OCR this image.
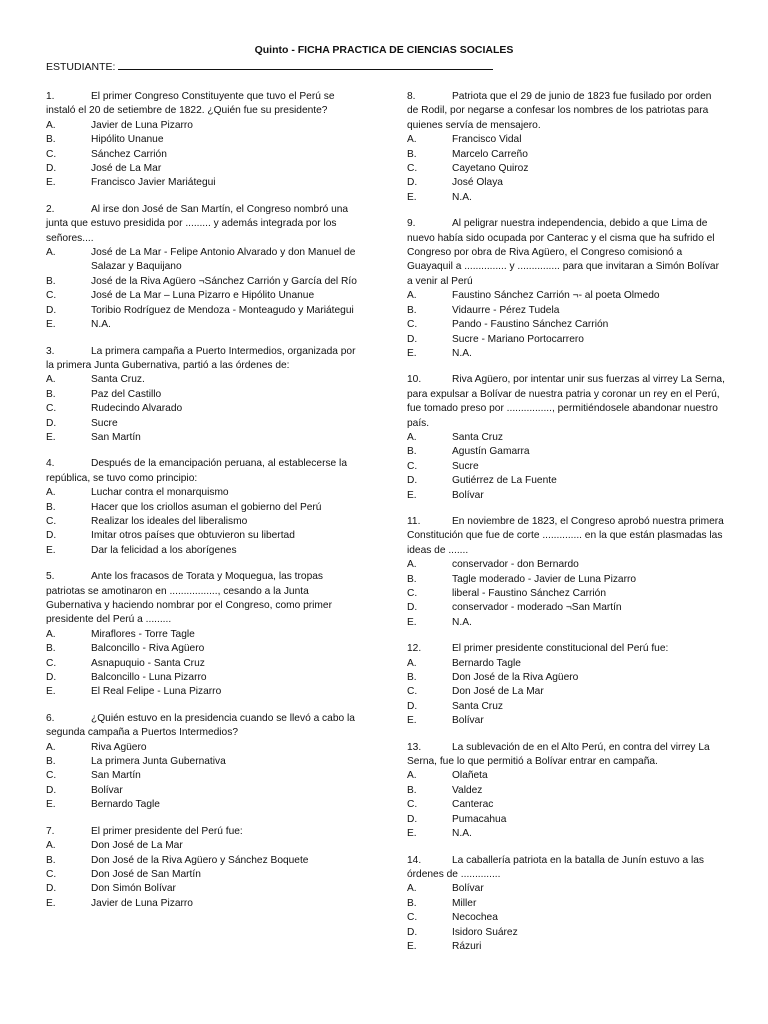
Quinto - FICHA PRACTICA DE CIENCIAS SOCIALES
ESTUDIANTE:

1.	El primer Congreso Constituyente que tuvo el Perú se instaló el 20 de setiembre de 1822. ¿Quién fue su presidente?

A.	Javier de Luna Pizarro
B.	Hipólito Unanue
C.	Sánchez Carrión
D.	José de La Mar
E.	Francisco Javier Mariátegui

2.	Al irse don José de San Martín, el Congreso nombró una junta que estuvo presidida por ......... y además integrada por los señores....

A.	José de La Mar - Felipe Antonio Alvarado y don Manuel de Salazar y Baquijano
B.	José de la Riva Agüero ¬Sánchez Carrión y García del Río
C.	José de La Mar – Luna Pizarro e Hipólito Unanue
D.	Toribio Rodríguez de Mendoza - Monteagudo y Mariátegui
E.	N.A.

3.	La primera campaña a Puerto Intermedios, organizada por la primera Junta Gubernativa, partió a las órdenes de:

A.	Santa Cruz.
B.	Paz del Castillo
C.	Rudecindo Alvarado
D.	Sucre
E.	San Martín

4.	Después de la emancipación peruana, al establecerse la república, se tuvo como principio:

A.	Luchar contra el monarquismo
B.	Hacer que los criollos asuman el gobierno del Perú
C.	Realizar los ideales del liberalismo
D.	Imitar otros países que obtuvieron su libertad
E.	Dar la felicidad a los aborígenes

5.	Ante los fracasos de Torata y Moquegua, las tropas patriotas se amotinaron en ................., cesando a la Junta Gubernativa y haciendo nombrar por el Congreso, como primer presidente del Perú a .........

A.	Miraflores - Torre Tagle
B.	Balconcillo - Riva Agüero
C.	Asnapuquio - Santa Cruz
D.	Balconcillo - Luna Pizarro
E.	El Real Felipe - Luna Pizarro

6.	¿Quién estuvo en la presidencia cuando se llevó a cabo la segunda campaña a Puertos Intermedios?

A.	Riva Agüero
B.	La primera Junta Gubernativa
C.	San Martín
D.	Bolívar
E.	Bernardo Tagle

7.	El primer presidente del Perú fue:

A.	Don José de La Mar
B.	Don José de la Riva Agüero y Sánchez Boquete
C.	Don José de San Martín
D.	Don Simón Bolívar
E.	Javier de Luna Pizarro

8.	Patriota que el 29 de junio de 1823 fue fusilado por orden de Rodil, por negarse a confesar los nombres de los patriotas para quienes servía de mensajero.

A.	Francisco Vidal
B.	Marcelo Carreño
C.	Cayetano Quiroz
D.	José Olaya
E.	N.A.

9.	Al peligrar nuestra independencia, debido a que Lima de nuevo había sido ocupada por Canterac y el cisma que ha sufrido el Congreso por obra de Riva Agüero, el Congreso comisionó a Guayaquil a ............... y ............... para que invitaran a Simón Bolívar a venir al Perú

A.	Faustino Sánchez Carrión ¬- al poeta Olmedo
B.	Vidaurre - Pérez Tudela
C.	Pando - Faustino Sánchez Carrión
D.	Sucre - Mariano Portocarrero
E.	N.A.

10.	Riva Agüero, por intentar unir sus fuerzas al virrey La Serna, para expulsar a Bolívar de nuestra patria y coronar un rey en el Perú, fue tomado preso por ................, permitiéndosele abandonar nuestro país.

A.	Santa Cruz
B.	Agustín Gamarra
C.	Sucre
D.	Gutiérrez de La Fuente
E.	Bolívar

11.	En noviembre de 1823, el Congreso aprobó nuestra primera Constitución que fue de corte .............. en la que están plasmadas las ideas de .......

A.	conservador - don Bernardo
B.	Tagle moderado - Javier de Luna Pizarro
C.	liberal - Faustino Sánchez Carrión
D.	conservador - moderado ¬San Martín
E.	N.A.

12.	El primer presidente constitucional del Perú fue:

A.	Bernardo Tagle
B.	Don José de la Riva Agüero
C.	Don José de La Mar
D.	Santa Cruz
E.	Bolívar

13.	La sublevación de en el Alto Perú, en contra del virrey La Serna, fue lo que permitió a Bolívar entrar en campaña.

A.	Olañeta
B.	Valdez
C.	Canterac
D.	Pumacahua
E.	N.A.

14.	La caballería patriota en la batalla de Junín estuvo a las órdenes de ..............

A.	Bolívar
B.	Miller
C.	Necochea
D.	Isidoro Suárez
E.	Rázuri
